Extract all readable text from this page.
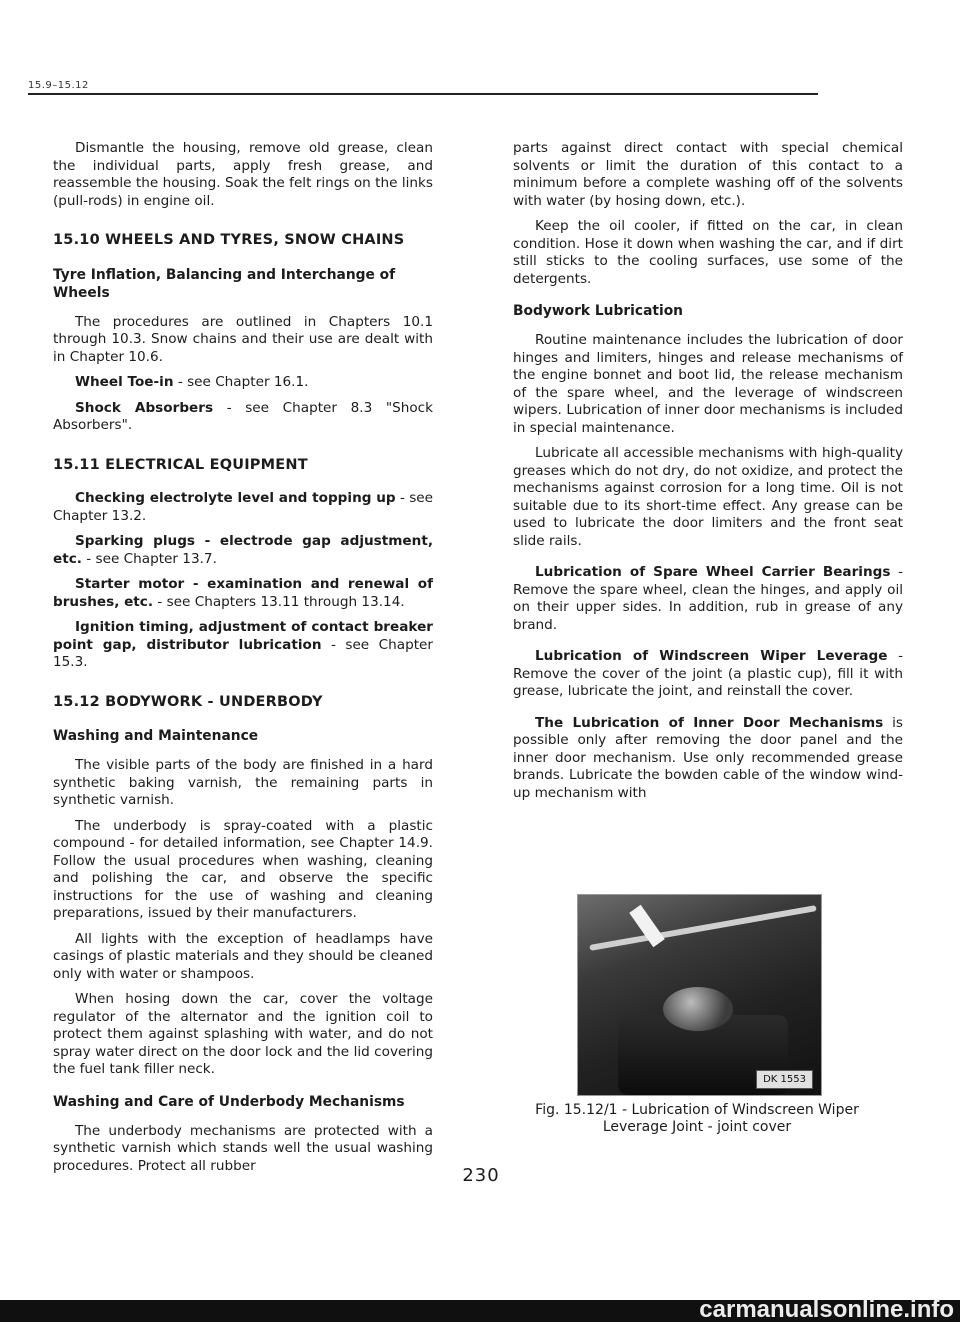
15.9–15.12

Dismantle the housing, remove old grease, clean the individual parts, apply fresh grease, and reassemble the housing. Soak the felt rings on the links (pull-rods) in engine oil.

15.10 WHEELS AND TYRES, SNOW CHAINS
Tyre Inflation, Balancing and Interchange of Wheels

The procedures are outlined in Chapters 10.1 through 10.3. Snow chains and their use are dealt with in Chapter 10.6.

Wheel Toe-in - see Chapter 16.1.

Shock Absorbers - see Chapter 8.3 "Shock Absorbers".

15.11 ELECTRICAL EQUIPMENT

Checking electrolyte level and topping up - see Chapter 13.2.

Sparking plugs - electrode gap adjustment, etc. - see Chapter 13.7.

Starter motor - examination and renewal of brushes, etc. - see Chapters 13.11 through 13.14.

Ignition timing, adjustment of contact breaker point gap, distributor lubrication - see Chapter 15.3.

15.12 BODYWORK - UNDERBODY
Washing and Maintenance

The visible parts of the body are finished in a hard synthetic baking varnish, the remaining parts in synthetic varnish.

The underbody is spray-coated with a plastic compound - for detailed information, see Chapter 14.9. Follow the usual procedures when washing, cleaning and polishing the car, and observe the specific instructions for the use of washing and cleaning preparations, issued by their manufacturers.

All lights with the exception of headlamps have casings of plastic materials and they should be cleaned only with water or shampoos.

When hosing down the car, cover the voltage regulator of the alternator and the ignition coil to protect them against splashing with water, and do not spray water direct on the door lock and the lid covering the fuel tank filler neck.

Washing and Care of Underbody Mechanisms

The underbody mechanisms are protected with a synthetic varnish which stands well the usual washing procedures. Protect all rubber

parts against direct contact with special chemical solvents or limit the duration of this contact to a minimum before a complete washing off of the solvents with water (by hosing down, etc.).

Keep the oil cooler, if fitted on the car, in clean condition. Hose it down when washing the car, and if dirt still sticks to the cooling surfaces, use some of the detergents.

Bodywork Lubrication

Routine maintenance includes the lubrication of door hinges and limiters, hinges and release mechanisms of the engine bonnet and boot lid, the release mechanism of the spare wheel, and the leverage of windscreen wipers. Lubrication of inner door mechanisms is included in special maintenance.

Lubricate all accessible mechanisms with high-quality greases which do not dry, do not oxidize, and protect the mechanisms against corrosion for a long time. Oil is not suitable due to its short-time effect. Any grease can be used to lubricate the door limiters and the front seat slide rails.

Lubrication of Spare Wheel Carrier Bearings - Remove the spare wheel, clean the hinges, and apply oil on their upper sides. In addition, rub in grease of any brand.

Lubrication of Windscreen Wiper Leverage - Remove the cover of the joint (a plastic cup), fill it with grease, lubricate the joint, and reinstall the cover.

The Lubrication of Inner Door Mechanisms is possible only after removing the door panel and the inner door mechanism. Use only recommended grease brands. Lubricate the bowden cable of the window wind-up mechanism with

DK 1553
Fig. 15.12/1 - Lubrication of Windscreen Wiper
Leverage Joint - joint cover
230
carmanualsonline.info
